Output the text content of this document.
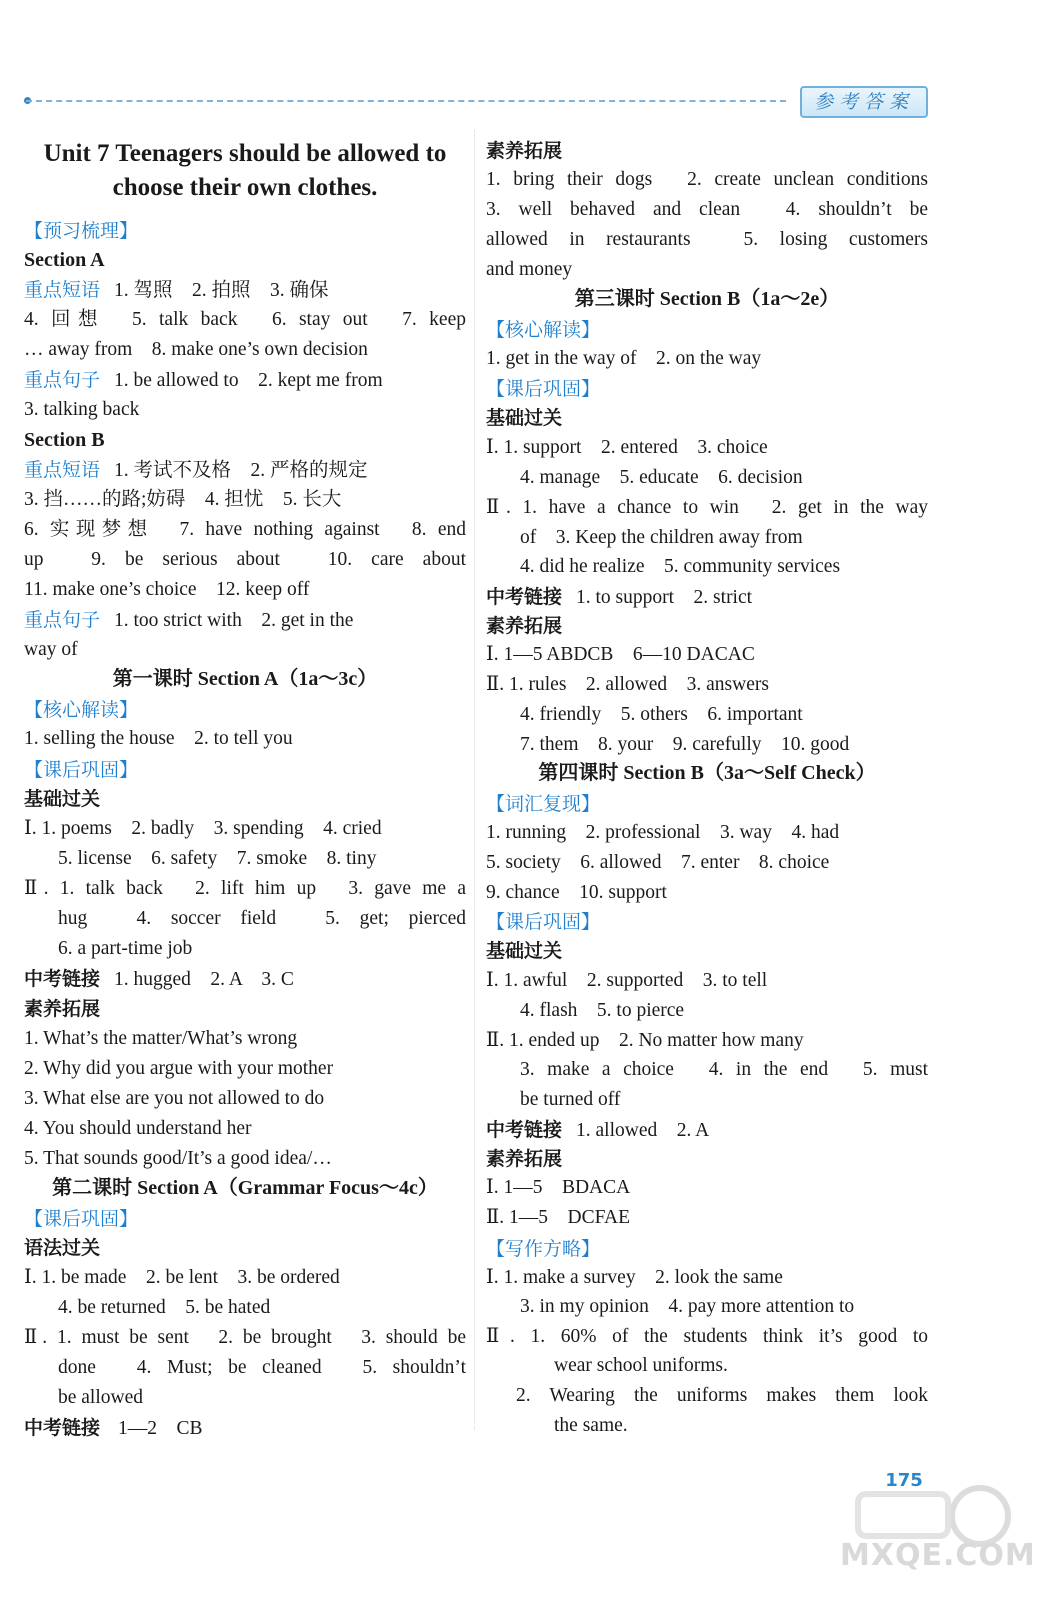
参考答案
Unit 7 Teenagers should be allowed to
choose their own clothes.
【预习梳理】
Section A
重点短语 1. 驾照　2. 拍照　3. 确保
4. 回想　5. talk back　6. stay out　7. keep
… away from　8. make one’s own decision
重点句子 1. be allowed to　2. kept me from
3. talking back
Section B
重点短语 1. 考试不及格　2. 严格的规定
3. 挡……的路;妨碍　4. 担忧　5. 长大
6. 实现梦想　7. have nothing against　8. end
up　9. be serious about　10. care about
11. make one’s choice　12. keep off
重点句子 1. too strict with　2. get in the
way of
第一课时 Section A（1a～3c）
【核心解读】
1. selling the house　2. to tell you
【课后巩固】
基础过关
Ⅰ. 1. poems　2. badly　3. spending　4. cried
5. license　6. safety　7. smoke　8. tiny
Ⅱ. 1. talk back　2. lift him up　3. gave me a
hug　4. soccer field　5. get; pierced
6. a part-time job
中考链接 1. hugged　2. A　3. C
素养拓展
1. What’s the matter/What’s wrong
2. Why did you argue with your mother
3. What else are you not allowed to do
4. You should understand her
5. That sounds good/It’s a good idea/…
第二课时 Section A（Grammar Focus～4c）
【课后巩固】
语法过关
Ⅰ. 1. be made　2. be lent　3. be ordered
4. be returned　5. be hated
Ⅱ. 1. must be sent　2. be brought　3. should be
done　4. Must; be cleaned　5. shouldn’t
be allowed
中考链接 1—2　CB
素养拓展
1. bring their dogs　2. create unclean conditions
3. well behaved and clean　4. shouldn’t be
allowed in restaurants　5. losing customers
and money
第三课时 Section B（1a～2e）
【核心解读】
1. get in the way of　2. on the way
【课后巩固】
基础过关
Ⅰ. 1. support　2. entered　3. choice
4. manage　5. educate　6. decision
Ⅱ. 1. have a chance to win　2. get in the way
of　3. Keep the children away from
4. did he realize　5. community services
中考链接 1. to support　2. strict
素养拓展
Ⅰ. 1—5 ABDCB　6—10 DACAC
Ⅱ. 1. rules　2. allowed　3. answers
4. friendly　5. others　6. important
7. them　8. your　9. carefully　10. good
第四课时 Section B（3a～Self Check）
【词汇复现】
1. running　2. professional　3. way　4. had
5. society　6. allowed　7. enter　8. choice
9. chance　10. support
【课后巩固】
基础过关
Ⅰ. 1. awful　2. supported　3. to tell
4. flash　5. to pierce
Ⅱ. 1. ended up　2. No matter how many
3. make a choice　4. in the end　5. must
be turned off
中考链接 1. allowed　2. A
素养拓展
Ⅰ. 1—5　BDACA
Ⅱ. 1—5　DCFAE
【写作方略】
Ⅰ. 1. make a survey　2. look the same
3. in my opinion　4. pay more attention to
Ⅱ. 1. 60% of the students think it’s good to
wear school uniforms.
2. Wearing the uniforms makes them look
the same.
175
MXQE.COM
